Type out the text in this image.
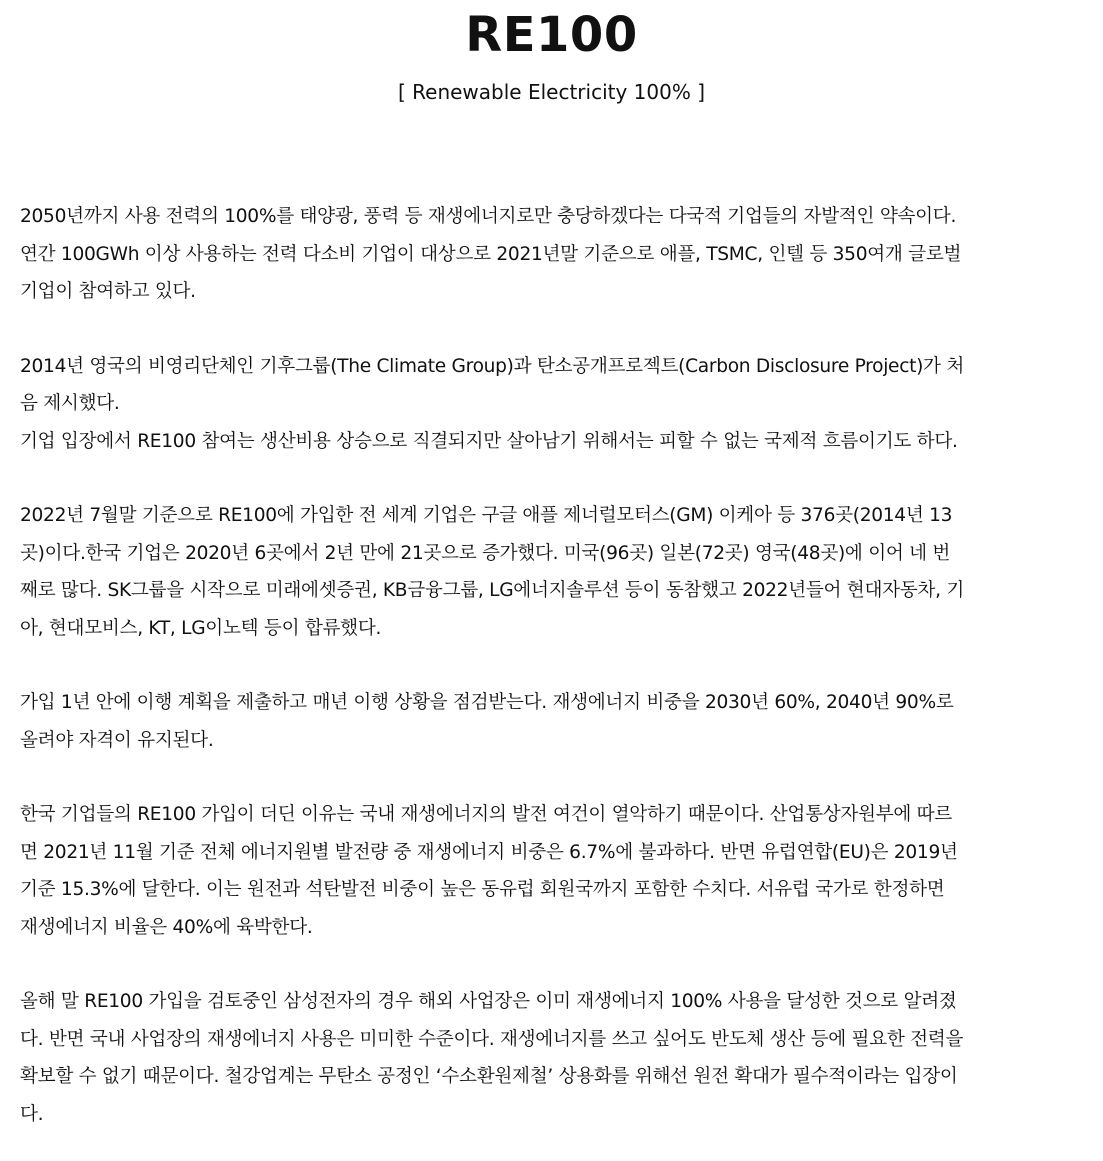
RE100

[ Renewable Electricity 100% ]

2050년까지 사용 전력의 100%를 태양광, 풍력 등 재생에너지로만 충당하겠다는 다국적 기업들의 자발적인 약속이다.
연간 100GWh 이상 사용하는 전력 다소비 기업이 대상으로 2021년말 기준으로 애플, TSMC, 인텔 등 350여개 글로벌
기업이 참여하고 있다.

2014년 영국의 비영리단체인 기후그룹(The Climate Group)과 탄소공개프로젝트(Carbon Disclosure Project)가 처
음 제시했다.
기업 입장에서 RE100 참여는 생산비용 상승으로 직결되지만 살아남기 위해서는 피할 수 없는 국제적 흐름이기도 하다.

2022년 7월말 기준으로 RE100에 가입한 전 세계 기업은 구글 애플 제너럴모터스(GM) 이케아 등 376곳(2014년 13
곳)이다.한국 기업은 2020년 6곳에서 2년 만에 21곳으로 증가했다. 미국(96곳) 일본(72곳) 영국(48곳)에 이어 네 번
째로 많다. SK그룹을 시작으로 미래에셋증권, KB금융그룹, LG에너지솔루션 등이 동참했고 2022년들어 현대자동차, 기
아, 현대모비스, KT, LG이노텍 등이 합류했다.

가입 1년 안에 이행 계획을 제출하고 매년 이행 상황을 점검받는다. 재생에너지 비중을 2030년 60%, 2040년 90%로
올려야 자격이 유지된다.

한국 기업들의 RE100 가입이 더딘 이유는 국내 재생에너지의 발전 여건이 열악하기 때문이다. 산업통상자원부에 따르
면 2021년 11월 기준 전체 에너지원별 발전량 중 재생에너지 비중은 6.7%에 불과하다. 반면 유럽연합(EU)은 2019년
기준 15.3%에 달한다. 이는 원전과 석탄발전 비중이 높은 동유럽 회원국까지 포함한 수치다. 서유럽 국가로 한정하면
재생에너지 비율은 40%에 육박한다.

올해 말 RE100 가입을 검토중인 삼성전자의 경우 해외 사업장은 이미 재생에너지 100% 사용을 달성한 것으로 알려졌
다. 반면 국내 사업장의 재생에너지 사용은 미미한 수준이다. 재생에너지를 쓰고 싶어도 반도체 생산 등에 필요한 전력을
확보할 수 없기 때문이다. 철강업계는 무탄소 공정인 ‘수소환원제철’ 상용화를 위해선 원전 확대가 필수적이라는 입장이
다.
